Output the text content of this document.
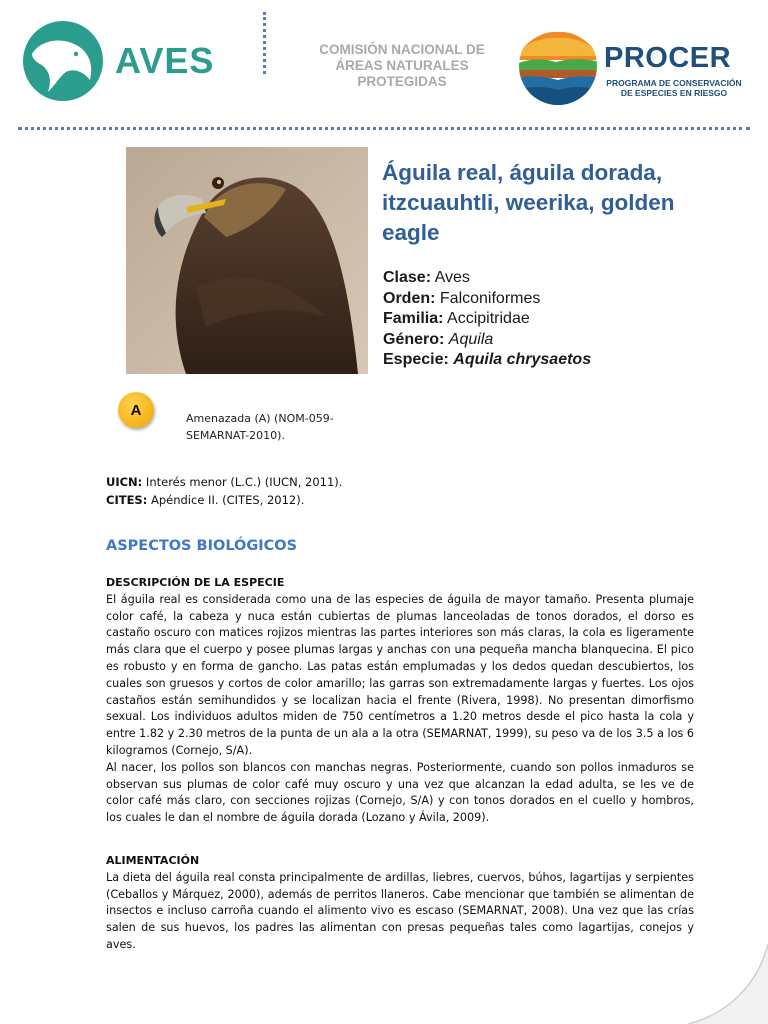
AVES	COMISIÓN NACIONAL DE ÁREAS NATURALES PROTEGIDAS
PROCER
PROGRAMA DE CONSERVACIÓN DE ESPECIES EN RIESGO
Águila real, águila dorada, itzcuauhtli, weerika, golden eagle
Clase: Aves
Orden: Falconiformes
Familia: Accipitridae
Género: Aquila
Especie: Aquila chrysaetos
A	Amenazada (A) (NOM-059-SEMARNAT-2010).
UICN: Interés menor (L.C.) (IUCN, 2011).
CITES: Apéndice II. (CITES, 2012).
ASPECTOS BIOLÓGICOS
DESCRIPCIÓN DE LA ESPECIE
El águila real es considerada como una de las especies de águila de mayor tamaño. Presenta plumaje color café, la cabeza y nuca están cubiertas de plumas lanceoladas de tonos dorados, el dorso es castaño oscuro con matices rojizos mientras las partes interiores son más claras, la cola es ligeramente más clara que el cuerpo y posee plumas largas y anchas con una pequeña mancha blanquecina. El pico es robusto y en forma de gancho. Las patas están emplumadas y los dedos quedan descubiertos, los cuales son gruesos y cortos de color amarillo; las garras son extremadamente largas y fuertes. Los ojos castaños están semihundidos y se localizan hacia el frente (Rivera, 1998). No presentan dimorfismo sexual. Los individuos adultos miden de 750 centímetros a 1.20 metros desde el pico hasta la cola y entre 1.82 y 2.30 metros de la punta de un ala a la otra (SEMARNAT, 1999), su peso va de los 3.5 a los 6 kilogramos (Cornejo, S/A).
Al nacer, los pollos son blancos con manchas negras. Posteriormente, cuando son pollos inmaduros se observan sus plumas de color café muy oscuro y una vez que alcanzan la edad adulta, se les ve de color café más claro, con secciones rojizas (Cornejo, S/A) y con tonos dorados en el cuello y hombros, los cuales le dan el nombre de águila dorada (Lozano y Ávila, 2009).
ALIMENTACIÓN
La dieta del águila real consta principalmente de ardillas, liebres, cuervos, búhos, lagartijas y serpientes (Ceballos y Márquez, 2000), además de perritos llaneros. Cabe mencionar que también se alimentan de insectos e incluso carroña cuando el alimento vivo es escaso (SEMARNAT, 2008). Una vez que las crías salen de sus huevos, los padres las alimentan con presas pequeñas tales como lagartijas, conejos y aves.
